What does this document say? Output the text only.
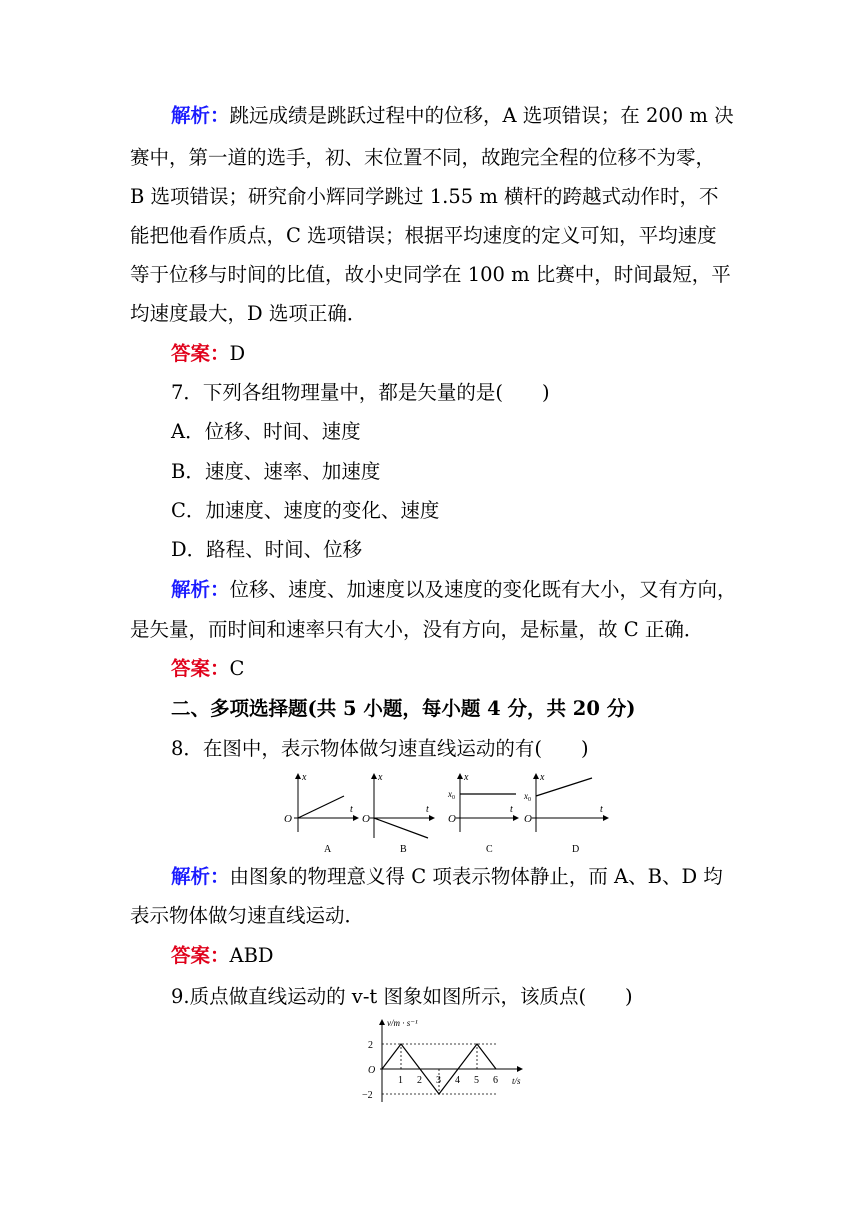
解析：跳远成绩是跳跃过程中的位移，A 选项错误；在 200 m 决
赛中，第一道的选手，初、末位置不同，故跑完全程的位移不为零，
B 选项错误；研究俞小辉同学跳过 1.55 m 横杆的跨越式动作时，不
能把他看作质点，C 选项错误；根据平均速度的定义可知，平均速度
等于位移与时间的比值，故小史同学在 100 m 比赛中，时间最短，平
均速度最大，D 选项正确．
答案：D
7．下列各组物理量中，都是矢量的是(　　)
A．位移、时间、速度
B．速度、速率、加速度
C．加速度、速度的变化、速度
D．路程、时间、位移
解析：位移、速度、加速度以及速度的变化既有大小，又有方向，
是矢量，而时间和速率只有大小，没有方向，是标量，故 C 正确．
答案：C
二、多项选择题(共 5 小题，每小题 4 分，共 20 分)
8．在图中，表示物体做匀速直线运动的有(　　)
x
t
O
A
x
t
O
B
x
t
$x_0$
O
C
x
t
$x_0$
O
D
解析：由图象的物理意义得 C 项表示物体静止，而 A、B、D 均
表示物体做匀速直线运动．
答案：ABD
9.质点做直线运动的 v-t 图象如图所示，该质点(　　)
v/m · s⁻¹
t/s
O
1 2 3 4 5 6
2
−2
